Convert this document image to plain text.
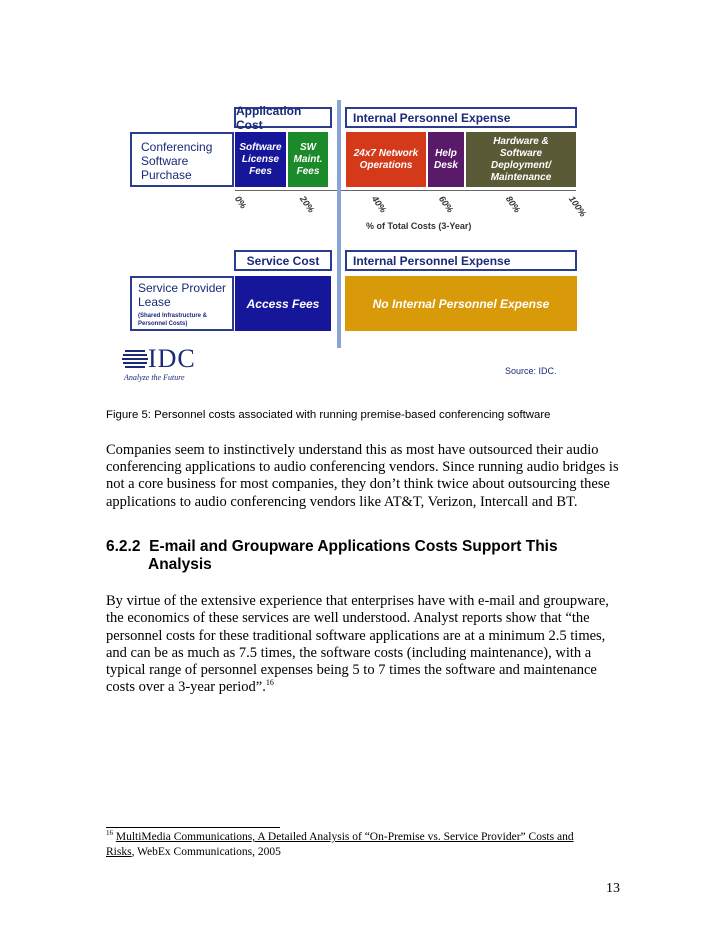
Application Cost	Internal Personnel Expense
Conferencing
Software
Purchase
Software
License
Fees
SW
Maint.
Fees
24x7 Network
Operations
Help
Desk
Hardware &
Software
Deployment/
Maintenance
0%	20%	40%	60%	80%	100%
% of Total Costs (3-Year)
Service Cost	Internal Personnel Expense
Service Provider
Lease
(Shared Infrastructure &
Personnel Costs)
Access Fees	No Internal Personnel Expense
IDC
Analyze the Future
Source: IDC.
Figure 5: Personnel costs associated with running premise-based conferencing software
Companies seem to instinctively understand this as most have outsourced their audio
conferencing applications to audio conferencing vendors. Since running audio bridges is
not a core business for most companies, they don’t think twice about outsourcing these
applications to audio conferencing vendors like AT&T, Verizon, Intercall and BT.
6.2.2 E-mail and Groupware Applications Costs Support This
Analysis

By virtue of the extensive experience that enterprises have with e-mail and groupware,
the economics of these services are well understood. Analyst reports show that “the
personnel costs for these traditional software applications are at a minimum 2.5 times,
and can be as much as 7.5 times, the software costs (including maintenance), with a
typical range of personnel expenses being 5 to 7 times the software and maintenance
costs over a 3-year period”.$^{16}$

$^{16}$ MultiMedia Communications, A Detailed Analysis of “On-Premise vs. Service Provider” Costs and
Risks, WebEx Communications, 2005
13
